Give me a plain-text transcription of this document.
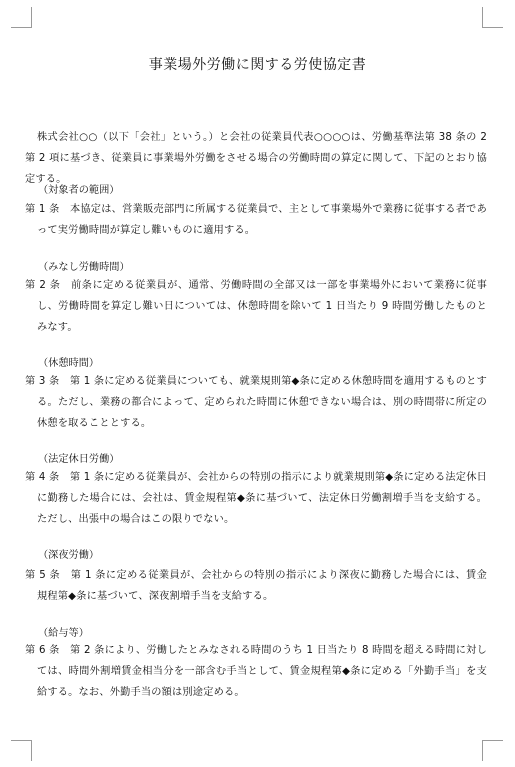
事業場外労働に関する労使協定書

株式会社○○（以下「会社」という。）と会社の従業員代表○○○○は、労働基準法第 38 条の 2 第 2 項に基づき、従業員に事業場外労働をさせる場合の労働時間の算定に関して、下記のとおり協定する。

（対象者の範囲）

第 1 条　本協定は、営業販売部門に所属する従業員で、主として事業場外で業務に従事する者であって実労働時間が算定し難いものに適用する。

（みなし労働時間）

第 2 条　前条に定める従業員が、通常、労働時間の全部又は一部を事業場外において業務に従事し、労働時間を算定し難い日については、休憩時間を除いて 1 日当たり 9 時間労働したものとみなす。

（休憩時間）

第 3 条　第 1 条に定める従業員についても、就業規則第◆条に定める休憩時間を適用するものとする。ただし、業務の都合によって、定められた時間に休憩できない場合は、別の時間帯に所定の休憩を取ることとする。

（法定休日労働）

第 4 条　第 1 条に定める従業員が、会社からの特別の指示により就業規則第◆条に定める法定休日に勤務した場合には、会社は、賃金規程第◆条に基づいて、法定休日労働割増手当を支給する。ただし、出張中の場合はこの限りでない。

（深夜労働）

第 5 条　第 1 条に定める従業員が、会社からの特別の指示により深夜に勤務した場合には、賃金規程第◆条に基づいて、深夜割増手当を支給する。

（給与等）

第 6 条　第 2 条により、労働したとみなされる時間のうち 1 日当たり 8 時間を超える時間に対しては、時間外割増賃金相当分を一部含む手当として、賃金規程第◆条に定める「外勤手当」を支給する。なお、外勤手当の額は別途定める。
